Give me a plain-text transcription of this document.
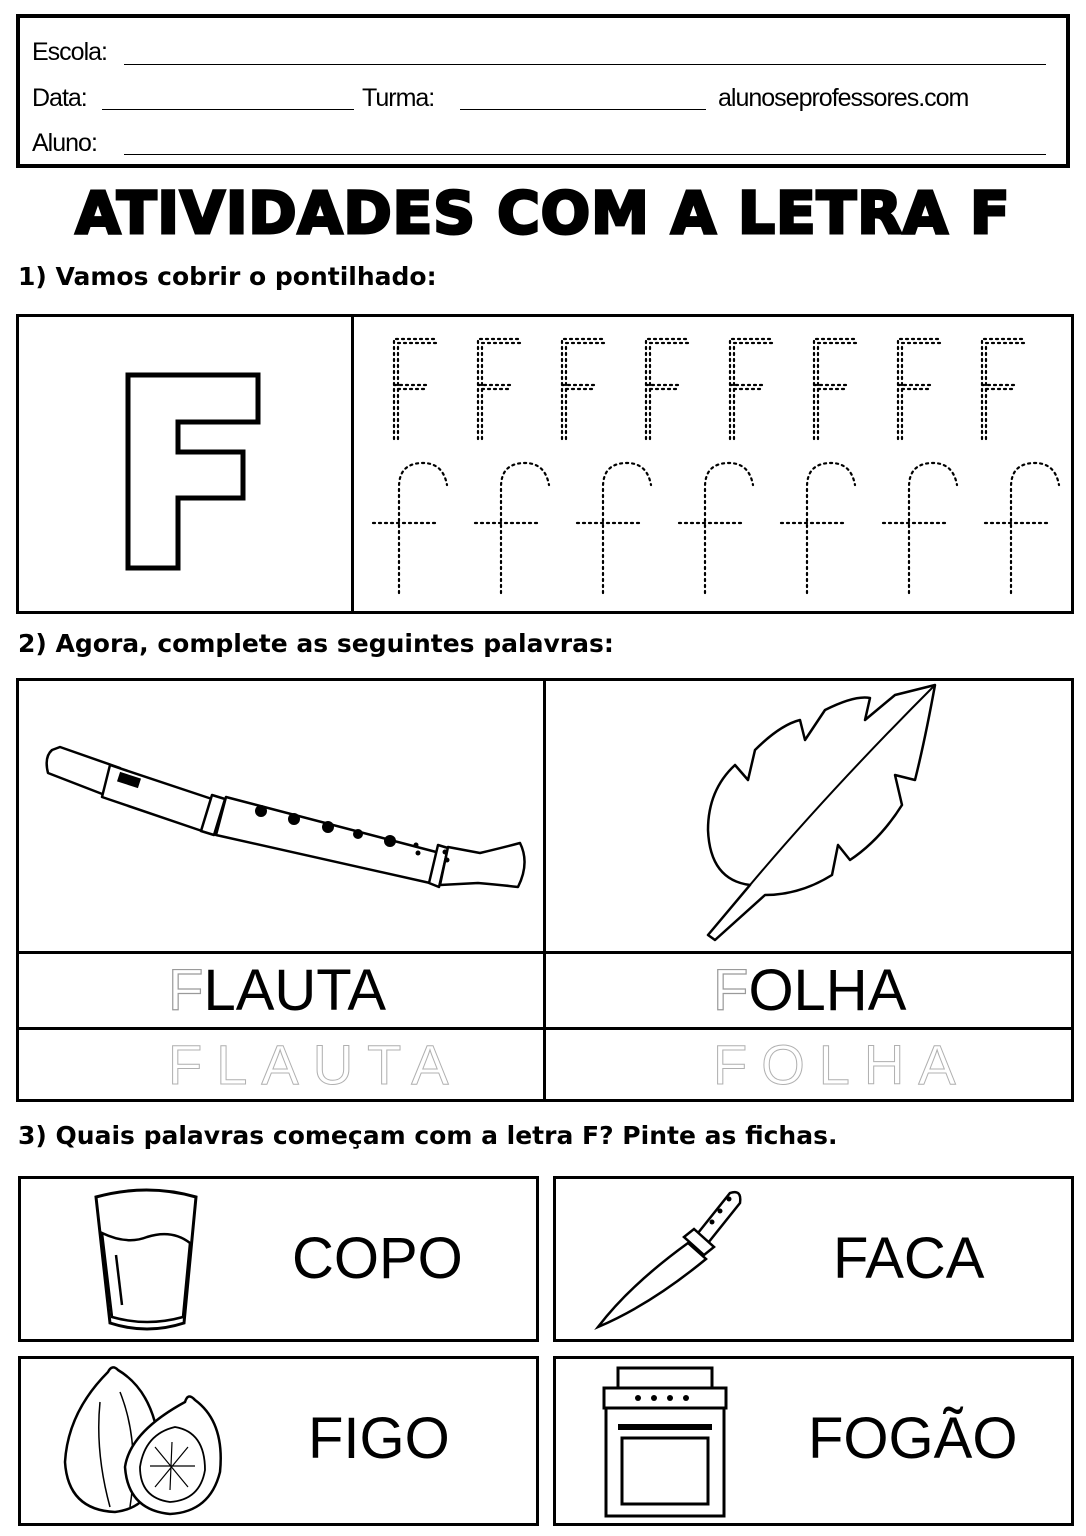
Escola:
Data:	Turma:	alunoseprofessores.com
Aluno:
ATIVIDADES COM A LETRA F
1) Vamos cobrir o pontilhado:
2) Agora, complete as seguintes palavras:
FLAUTA	FOLHA
FLAUTA	FOLHA
3) Quais palavras começam com a letra F? Pinte as fichas.
COPO	FACA
FIGO	FOGÃO
